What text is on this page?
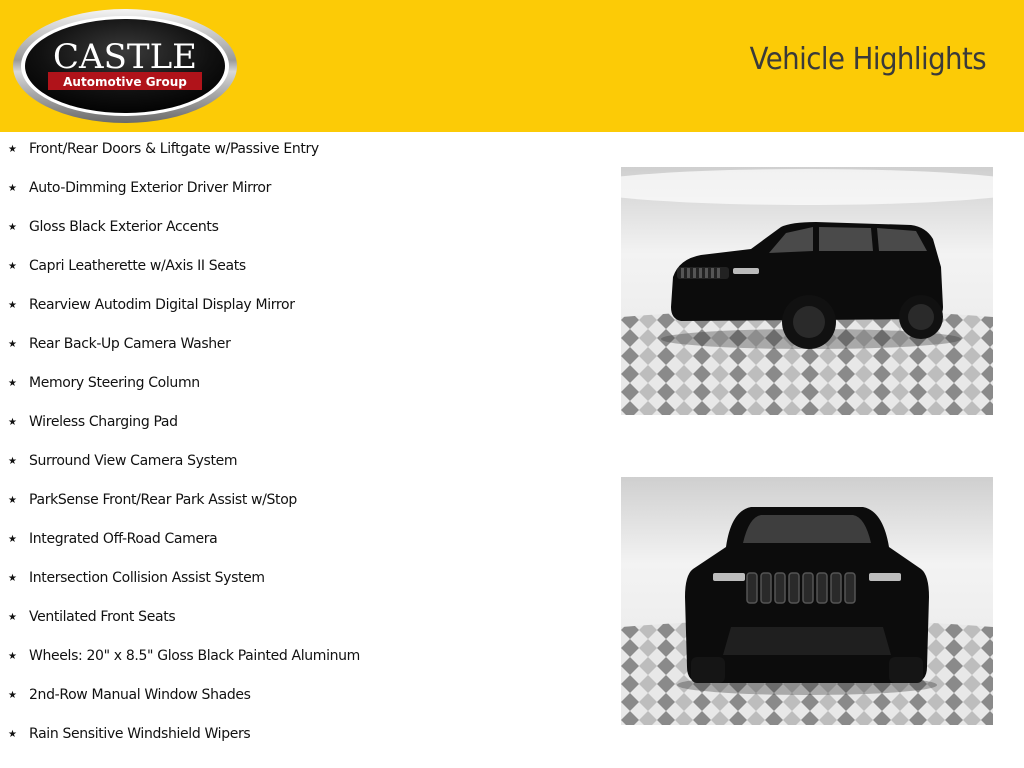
CASTLE
Automotive Group
Vehicle Highlights
★ Front/Rear Doors & Liftgate w/Passive Entry
★ Auto-Dimming Exterior Driver Mirror
★ Gloss Black Exterior Accents
★ Capri Leatherette w/Axis II Seats
★ Rearview Autodim Digital Display Mirror
★ Rear Back-Up Camera Washer
★ Memory Steering Column
★ Wireless Charging Pad
★ Surround View Camera System
★ ParkSense Front/Rear Park Assist w/Stop
★ Integrated Off-Road Camera
★ Intersection Collision Assist System
★ Ventilated Front Seats
★ Wheels: 20" x 8.5" Gloss Black Painted Aluminum
★ 2nd-Row Manual Window Shades
★ Rain Sensitive Windshield Wipers
